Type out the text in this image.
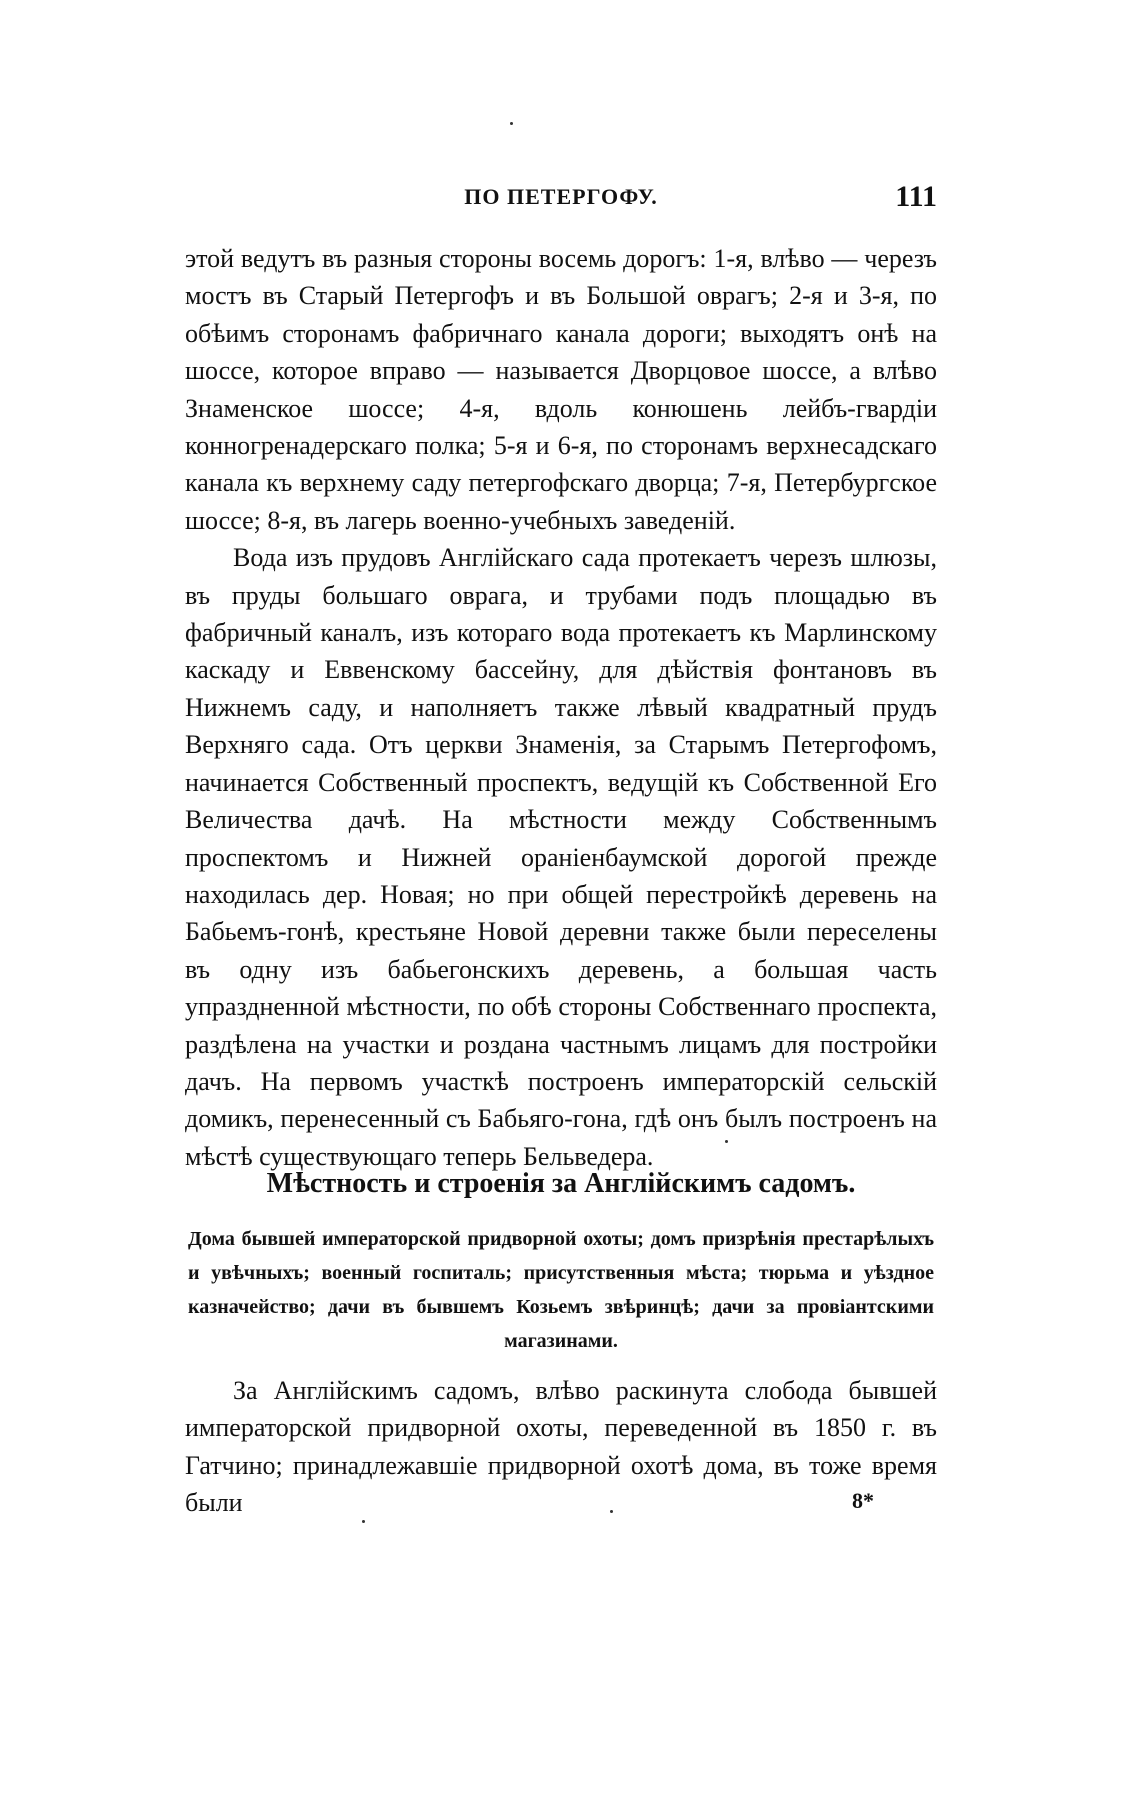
ПО ПЕТЕРГОФУ.	111

этой ведутъ въ разныя стороны восемь дорогъ: 1-я, влѣво — черезъ мостъ въ Старый Петергофъ и въ Большой оврагъ; 2-я и 3-я, по обѣимъ сторонамъ фабричнаго канала дороги; выходятъ онѣ на шоссе, которое вправо — называется Дворцовое шоссе, а влѣво Знаменское шоссе; 4-я, вдоль конюшень лейбъ-гвардіи конногренадерскаго полка; 5-я и 6-я, по сторонамъ верхнесадскаго канала къ верхнему саду петергофскаго дворца; 7-я, Петербургское шоссе; 8-я, въ лагерь военно-учебныхъ заведеній.

Вода изъ прудовъ Англійскаго сада протекаетъ черезъ шлюзы, въ пруды большаго оврага, и трубами подъ площадью въ фабричный каналъ, изъ котораго вода протекаетъ къ Марлинскому каскаду и Еввенскому бассейну, для дѣйствія фонтановъ въ Нижнемъ саду, и наполняетъ также лѣвый квадратный прудъ Верхняго сада. Отъ церкви Знаменія, за Старымъ Петергофомъ, начинается Собственный проспектъ, ведущій къ Собственной Его Величества дачѣ. На мѣстности между Собственнымъ проспектомъ и Нижней ораніенбаумской дорогой прежде находилась дер. Новая; но при общей перестройкѣ деревень на Бабьемъ-гонѣ, крестьяне Новой деревни также были переселены въ одну изъ бабьегонскихъ деревень, а большая часть упраздненной мѣстности, по обѣ стороны Собственнаго проспекта, раздѣлена на участки и роздана частнымъ лицамъ для постройки дачъ. На первомъ участкѣ построенъ императорскій сельскій домикъ, перенесенный съ Бабьяго-гона, гдѣ онъ былъ построенъ на мѣстѣ существующаго теперь Бельведера.

Мѣстность и строенія за Англійскимъ садомъ.
Дома бывшей императорской придворной охоты; домъ призрѣнія престарѣлыхъ и увѣчныхъ; военный госпиталь; присутственныя мѣста; тюрьма и уѣздное казначейство; дачи въ бывшемъ Козьемъ звѣринцѣ; дачи за провіантскими магазинами.

За Англійскимъ садомъ, влѣво раскинута слобода бывшей императорской придворной охоты, переведенной въ 1850 г. въ Гатчино; принадлежавшіе придворной охотѣ дома, въ тоже время были	8*
